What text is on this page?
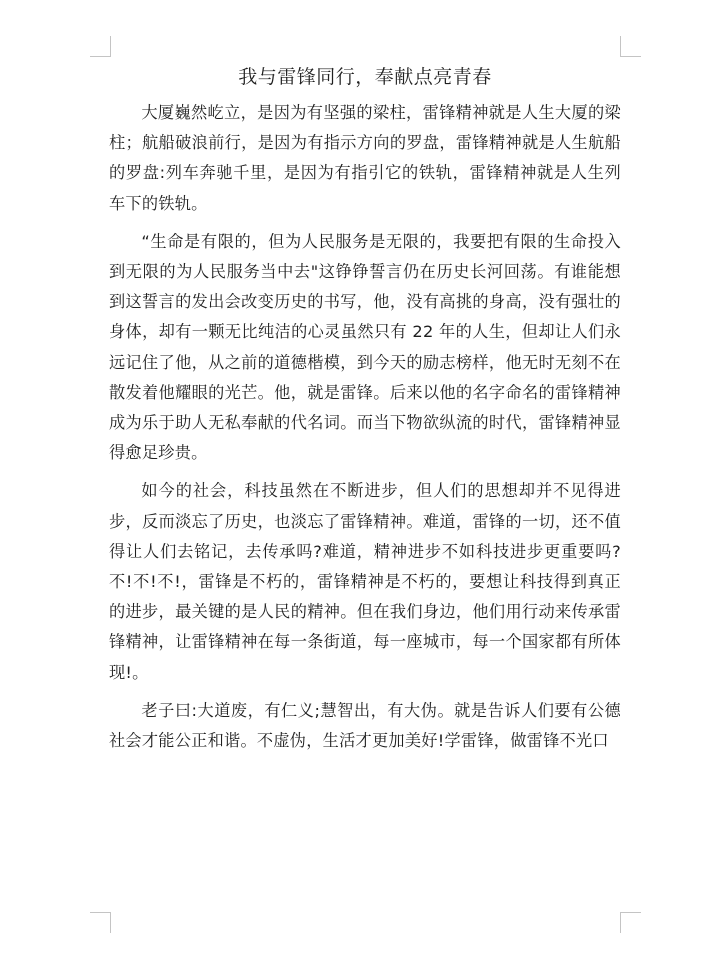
我与雷锋同行，奉献点亮青春

大厦巍然屹立，是因为有坚强的梁柱，雷锋精神就是人生大厦的梁柱；航船破浪前行，是因为有指示方向的罗盘，雷锋精神就是人生航船的罗盘:列车奔驰千里，是因为有指引它的铁轨，雷锋精神就是人生列车下的铁轨。

“生命是有限的，但为人民服务是无限的，我要把有限的生命投入到无限的为人民服务当中去"这铮铮誓言仍在历史长河回荡。有谁能想到这誓言的发出会改变历史的书写，他，没有高挑的身高，没有强壮的身体，却有一颗无比纯洁的心灵虽然只有 22 年的人生，但却让人们永远记住了他，从之前的道德楷模，到今天的励志榜样，他无时无刻不在散发着他耀眼的光芒。他，就是雷锋。后来以他的名字命名的雷锋精神成为乐于助人无私奉献的代名词。而当下物欲纵流的时代，雷锋精神显得愈足珍贵。

如今的社会，科技虽然在不断进步，但人们的思想却并不见得进步，反而淡忘了历史，也淡忘了雷锋精神。难道，雷锋的一切，还不值得让人们去铭记，去传承吗?难道，精神进步不如科技进步更重要吗?不!不!不!，雷锋是不朽的，雷锋精神是不朽的，要想让科技得到真正的进步，最关键的是人民的精神。但在我们身边，他们用行动来传承雷锋精神，让雷锋精神在每一条街道，每一座城市，每一个国家都有所体现!。

老子曰:大道废，有仁义;慧智出，有大伪。就是告诉人们要有公德社会才能公正和谐。不虚伪，生活才更加美好!学雷锋，做雷锋不光口
